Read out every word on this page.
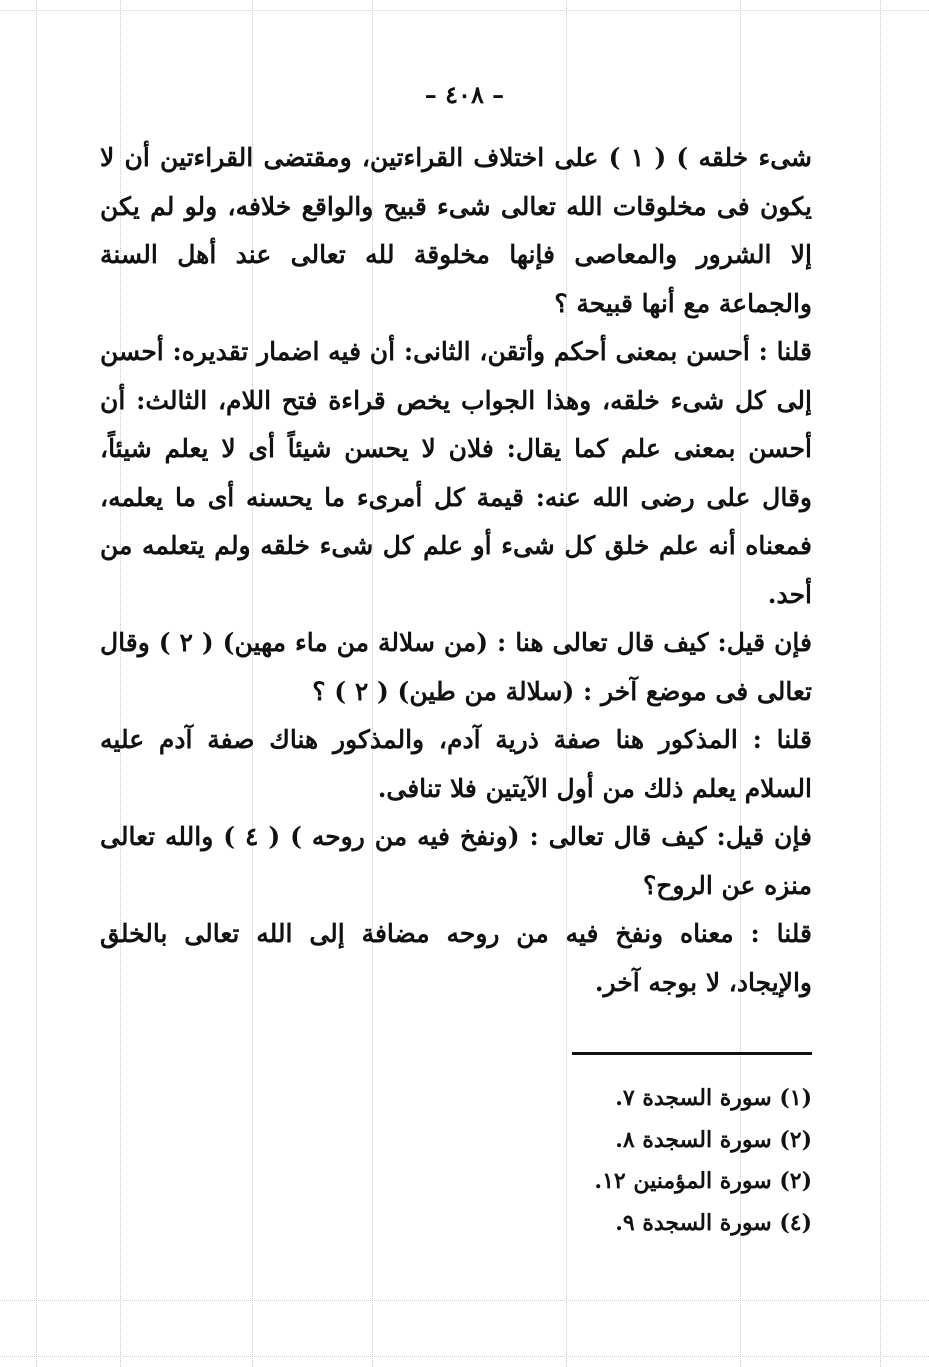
– ٤٠٨ –

شىء خلقه ) ( ١ ) على اختلاف القراءتين، ومقتضى القراءتين أن لا يكون فى مخلوقات الله تعالى شىء قبيح والواقع خلافه، ولو لم يكن إلا الشرور والمعاصى فإنها مخلوقة لله تعالى عند أهل السنة والجماعة مع أنها قبيحة ؟

قلنا : أحسن بمعنى أحكم وأتقن، الثانى: أن فيه اضمار تقديره: أحسن إلى كل شىء خلقه، وهذا الجواب يخص قراءة فتح اللام، الثالث: أن أحسن بمعنى علم كما يقال: فلان لا يحسن شيئاً أى لا يعلم شيئاً، وقال على رضى الله عنه: قيمة كل أمرىء ما يحسنه أى ما يعلمه، فمعناه أنه علم خلق كل شىء أو علم كل شىء خلقه ولم يتعلمه من أحد.

فإن قيل: كيف قال تعالى هنا : (من سلالة من ماء مهين) ( ٢ ) وقال تعالى فى موضع آخر : (سلالة من طين) ( ٢ ) ؟

قلنا : المذكور هنا صفة ذرية آدم، والمذكور هناك صفة آدم عليه السلام يعلم ذلك من أول الآيتين فلا تنافى.

فإن قيل: كيف قال تعالى : (ونفخ فيه من روحه ) ( ٤ ) والله تعالى منزه عن الروح؟

قلنا : معناه ونفخ فيه من روحه مضافة إلى الله تعالى بالخلق والإيجاد، لا بوجه آخر.

(١) سورة السجدة ٧.

(٢) سورة السجدة ٨.

(٢) سورة المؤمنين ١٢.

(٤) سورة السجدة ٩.
